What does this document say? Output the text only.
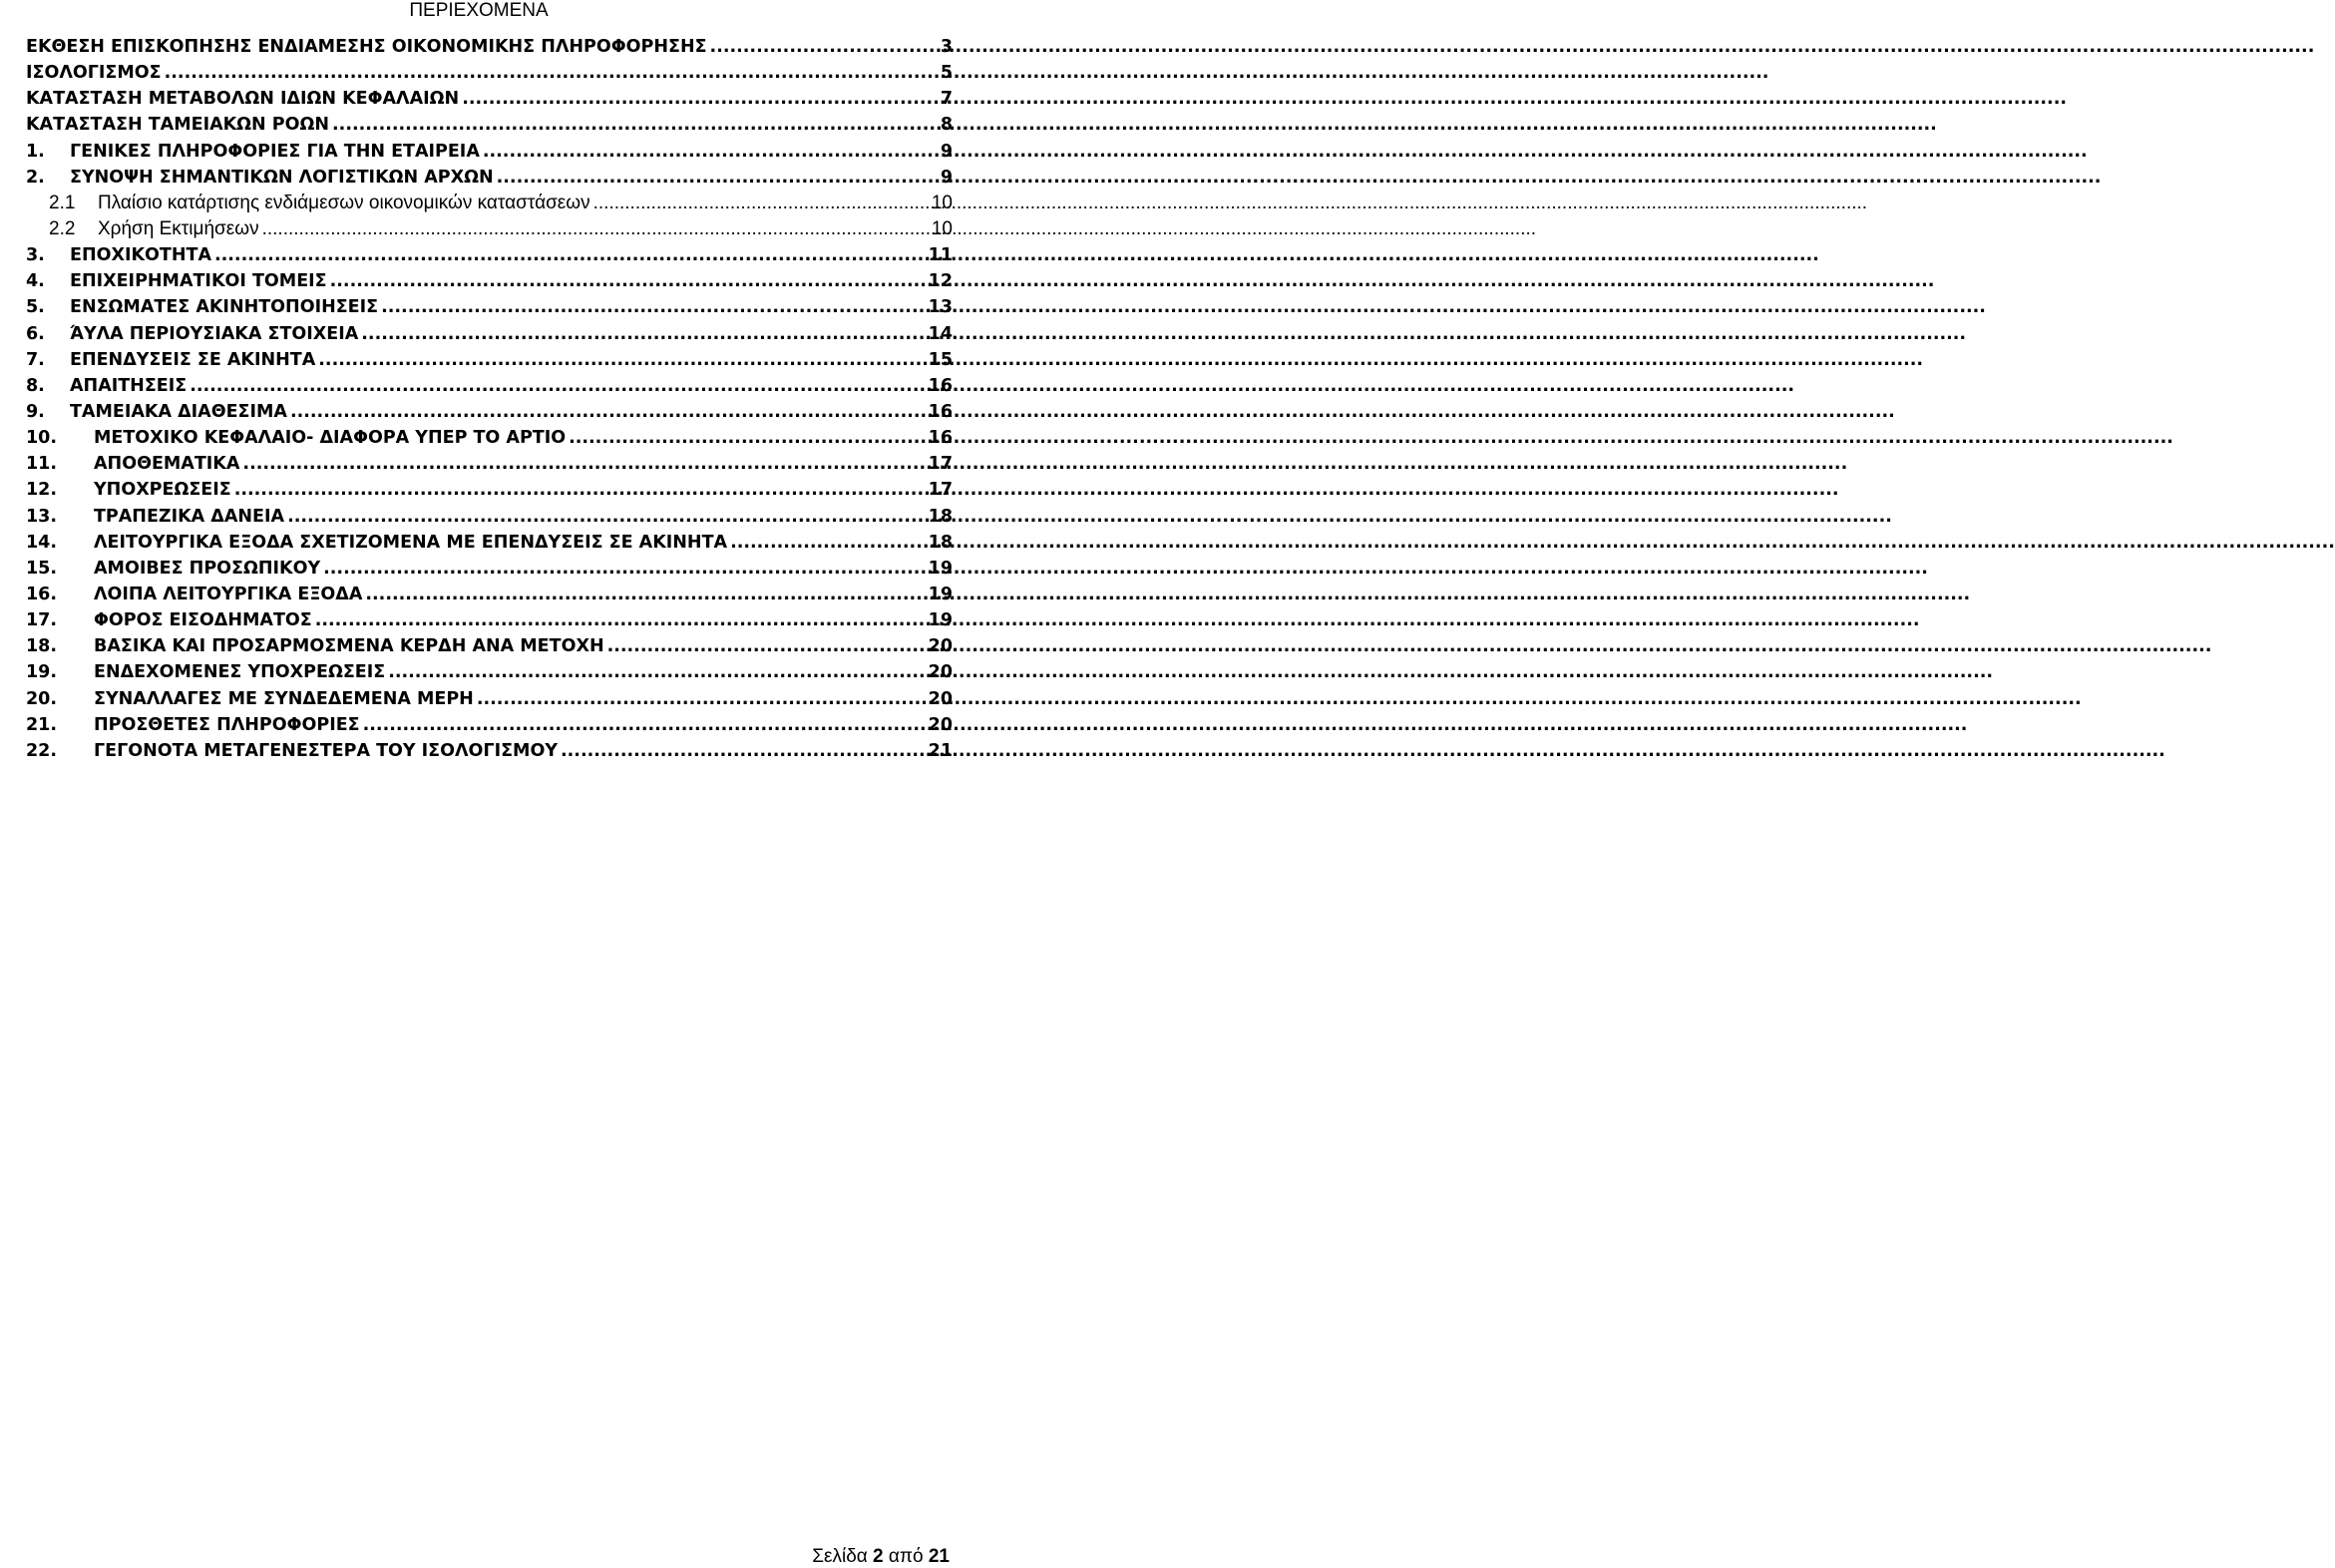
ΠΕΡΙΕΧΟΜΕΝΑ
ΕΚΘΕΣΗ ΕΠΙΣΚΟΠΗΣΗΣ ΕΝΔΙΑΜΕΣΗΣ ΟΙΚΟΝΟΜΙΚΗΣ ΠΛΗΡΟΦΟΡΗΣΗΣ .....	3
ΙΣΟΛΟΓΙΣΜΟΣ .....	5
ΚΑΤΑΣΤΑΣΗ ΜΕΤΑΒΟΛΩΝ ΙΔΙΩΝ ΚΕΦΑΛΑΙΩΝ .....	7
ΚΑΤΑΣΤΑΣΗ ΤΑΜΕΙΑΚΩΝ ΡΟΩΝ .....	8
1.	ΓΕΝΙΚΕΣ ΠΛΗΡΟΦΟΡΙΕΣ ΓΙΑ ΤΗΝ ΕΤΑΙΡΕΙΑ .....	9
2.	ΣΥΝΟΨΗ ΣΗΜΑΝΤΙΚΩΝ ΛΟΓΙΣΤΙΚΩΝ ΑΡΧΩΝ .....	9
2.1	Πλαίσιο κατάρτισης ενδιάμεσων οικονομικών καταστάσεων .....	10
2.2	Χρήση Εκτιμήσεων .....	10
3.	ΕΠΟΧΙΚΟΤΗΤΑ .....	11
4.	ΕΠΙΧΕΙΡΗΜΑΤΙΚΟΙ ΤΟΜΕΙΣ .....	12
5.	ΕΝΣΩΜΑΤΕΣ ΑΚΙΝΗΤΟΠΟΙΗΣΕΙΣ .....	13
6.	ΆΥΛΑ ΠΕΡΙΟΥΣΙΑΚΑ ΣΤΟΙΧΕΙΑ .....	14
7.	ΕΠΕΝΔΥΣΕΙΣ ΣΕ ΑΚΙΝΗΤΑ .....	15
8.	ΑΠΑΙΤΗΣΕΙΣ .....	16
9.	ΤΑΜΕΙΑΚΑ ΔΙΑΘΕΣΙΜΑ .....	16
10.	ΜΕΤΟΧΙΚΟ ΚΕΦΑΛΑΙΟ- ΔΙΑΦΟΡΑ ΥΠΕΡ ΤΟ ΑΡΤΙΟ .....	16
11.	ΑΠΟΘΕΜΑΤΙΚΑ .....	17
12.	ΥΠΟΧΡΕΩΣΕΙΣ .....	17
13.	ΤΡΑΠΕΖΙΚΑ ΔΑΝΕΙΑ .....	18
14.	ΛΕΙΤΟΥΡΓΙΚΑ ΕΞΟΔΑ ΣΧΕΤΙΖΟΜΕΝΑ ΜΕ ΕΠΕΝΔΥΣΕΙΣ ΣΕ ΑΚΙΝΗΤΑ .....	18
15.	ΑΜΟΙΒΕΣ ΠΡΟΣΩΠΙΚΟΥ .....	19
16.	ΛΟΙΠΑ ΛΕΙΤΟΥΡΓΙΚΑ ΕΞΟΔΑ .....	19
17.	ΦΟΡΟΣ ΕΙΣΟΔΗΜΑΤΟΣ .....	19
18.	ΒΑΣΙΚΑ ΚΑΙ ΠΡΟΣΑΡΜΟΣΜΕΝΑ ΚΕΡΔΗ ΑΝΑ ΜΕΤΟΧΗ .....	20
19.	ΕΝΔΕΧΟΜΕΝΕΣ ΥΠΟΧΡΕΩΣΕΙΣ .....	20
20.	ΣΥΝΑΛΛΑΓΕΣ ΜΕ ΣΥΝΔΕΔΕΜΕΝΑ ΜΕΡΗ .....	20
21.	ΠΡΟΣΘΕΤΕΣ ΠΛΗΡΟΦΟΡΙΕΣ .....	20
22.	ΓΕΓΟΝΟΤΑ ΜΕΤΑΓΕΝΕΣΤΕΡΑ ΤΟΥ ΙΣΟΛΟΓΙΣΜΟΥ .....	21
Σελίδα 2 από 21
